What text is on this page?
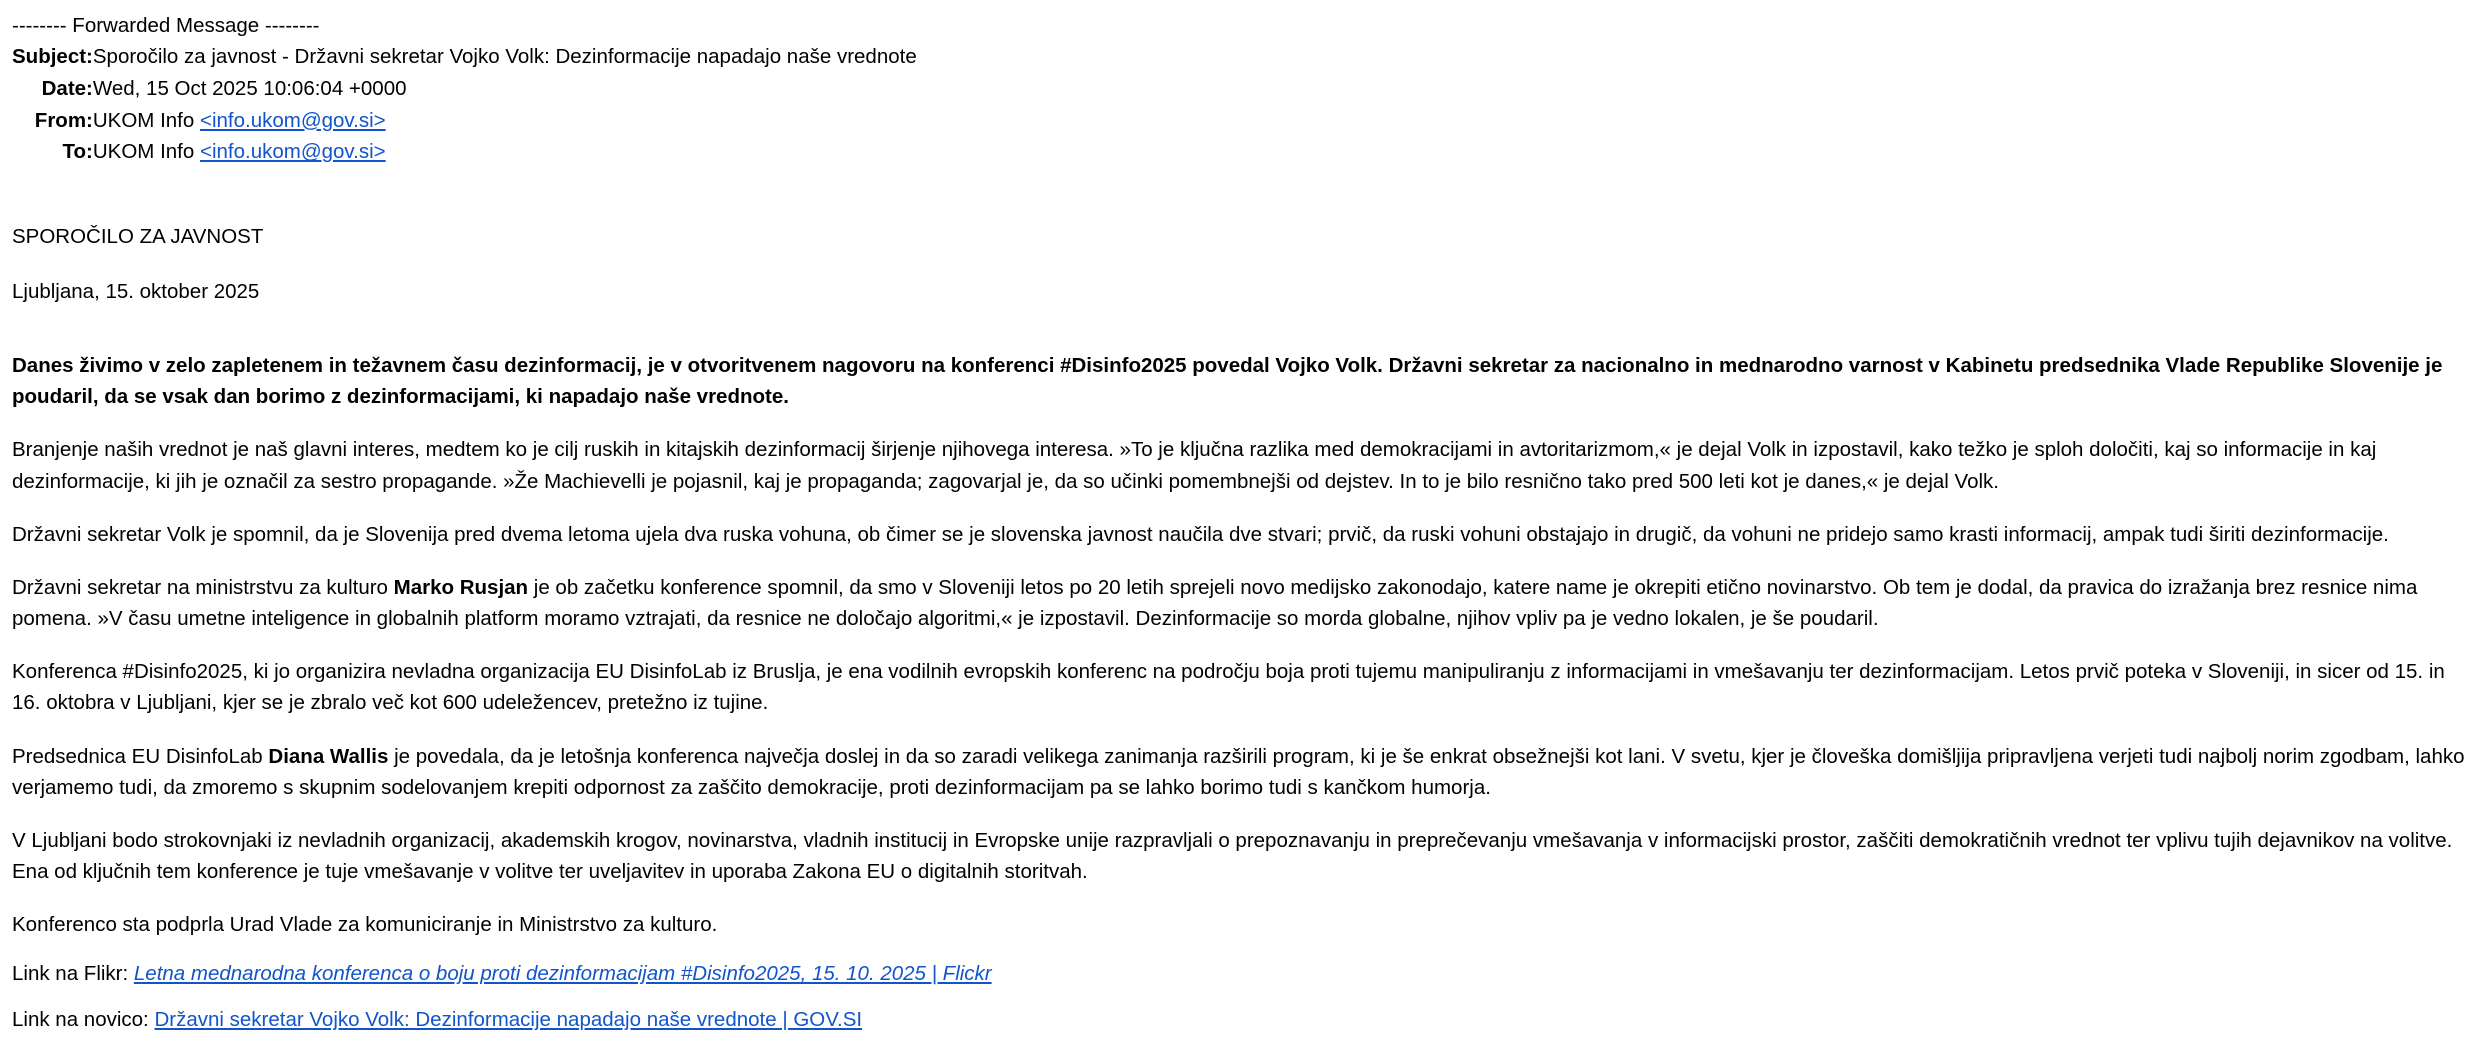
-------- Forwarded Message --------
Subject:	Sporočilo za javnost - Državni sekretar Vojko Volk: Dezinformacije napadajo naše vrednote
Date:	Wed, 15 Oct 2025 10:06:04 +0000
From:	UKOM Info <info.ukom@gov.si>
To:	UKOM Info <info.ukom@gov.si>
SPOROČILO ZA JAVNOST
Ljubljana, 15. oktober 2025
Danes živimo v zelo zapletenem in težavnem času dezinformacij, je v otvoritvenem nagovoru na konferenci #Disinfo2025 povedal Vojko Volk. Državni sekretar za nacionalno in mednarodno varnost v Kabinetu predsednika Vlade Republike Slovenije je poudaril, da se vsak dan borimo z dezinformacijami, ki napadajo naše vrednote.

Branjenje naših vrednot je naš glavni interes, medtem ko je cilj ruskih in kitajskih dezinformacij širjenje njihovega interesa. »To je ključna razlika med demokracijami in avtoritarizmom,« je dejal Volk in izpostavil, kako težko je sploh določiti, kaj so informacije in kaj dezinformacije, ki jih je označil za sestro propagande. »Že Machievelli je pojasnil, kaj je propaganda; zagovarjal je, da so učinki pomembnejši od dejstev. In to je bilo resnično tako pred 500 leti kot je danes,« je dejal Volk.

Državni sekretar Volk je spomnil, da je Slovenija pred dvema letoma ujela dva ruska vohuna, ob čimer se je slovenska javnost naučila dve stvari; prvič, da ruski vohuni obstajajo in drugič, da vohuni ne pridejo samo krasti informacij, ampak tudi širiti dezinformacije.

Državni sekretar na ministrstvu za kulturo Marko Rusjan je ob začetku konference spomnil, da smo v Sloveniji letos po 20 letih sprejeli novo medijsko zakonodajo, katere name je okrepiti etično novinarstvo. Ob tem je dodal, da pravica do izražanja brez resnice nima pomena. »V času umetne inteligence in globalnih platform moramo vztrajati, da resnice ne določajo algoritmi,« je izpostavil. Dezinformacije so morda globalne, njihov vpliv pa je vedno lokalen, je še poudaril.

Konferenca #Disinfo2025, ki jo organizira nevladna organizacija EU DisinfoLab iz Bruslja, je ena vodilnih evropskih konferenc na področju boja proti tujemu manipuliranju z informacijami in vmešavanju ter dezinformacijam. Letos prvič poteka v Sloveniji, in sicer od 15. in 16. oktobra v Ljubljani, kjer se je zbralo več kot 600 udeležencev, pretežno iz tujine.

Predsednica EU DisinfoLab Diana Wallis je povedala, da je letošnja konferenca največja doslej in da so zaradi velikega zanimanja razširili program, ki je še enkrat obsežnejši kot lani. V svetu, kjer je človeška domišljija pripravljena verjeti tudi najbolj norim zgodbam, lahko verjamemo tudi, da zmoremo s skupnim sodelovanjem krepiti odpornost za zaščito demokracije, proti dezinformacijam pa se lahko borimo tudi s kančkom humorja.

V Ljubljani bodo strokovnjaki iz nevladnih organizacij, akademskih krogov, novinarstva, vladnih institucij in Evropske unije razpravljali o prepoznavanju in preprečevanju vmešavanja v informacijski prostor, zaščiti demokratičnih vrednot ter vplivu tujih dejavnikov na volitve. Ena od ključnih tem konference je tuje vmešavanje v volitve ter uveljavitev in uporaba Zakona EU o digitalnih storitvah.

Konferenco sta podprla Urad Vlade za komuniciranje in Ministrstvo za kulturo.

Link na Flikr: Letna mednarodna konferenca o boju proti dezinformacijam #Disinfo2025, 15. 10. 2025 | Flickr

Link na novico: Državni sekretar Vojko Volk: Dezinformacije napadajo naše vrednote | GOV.SI
